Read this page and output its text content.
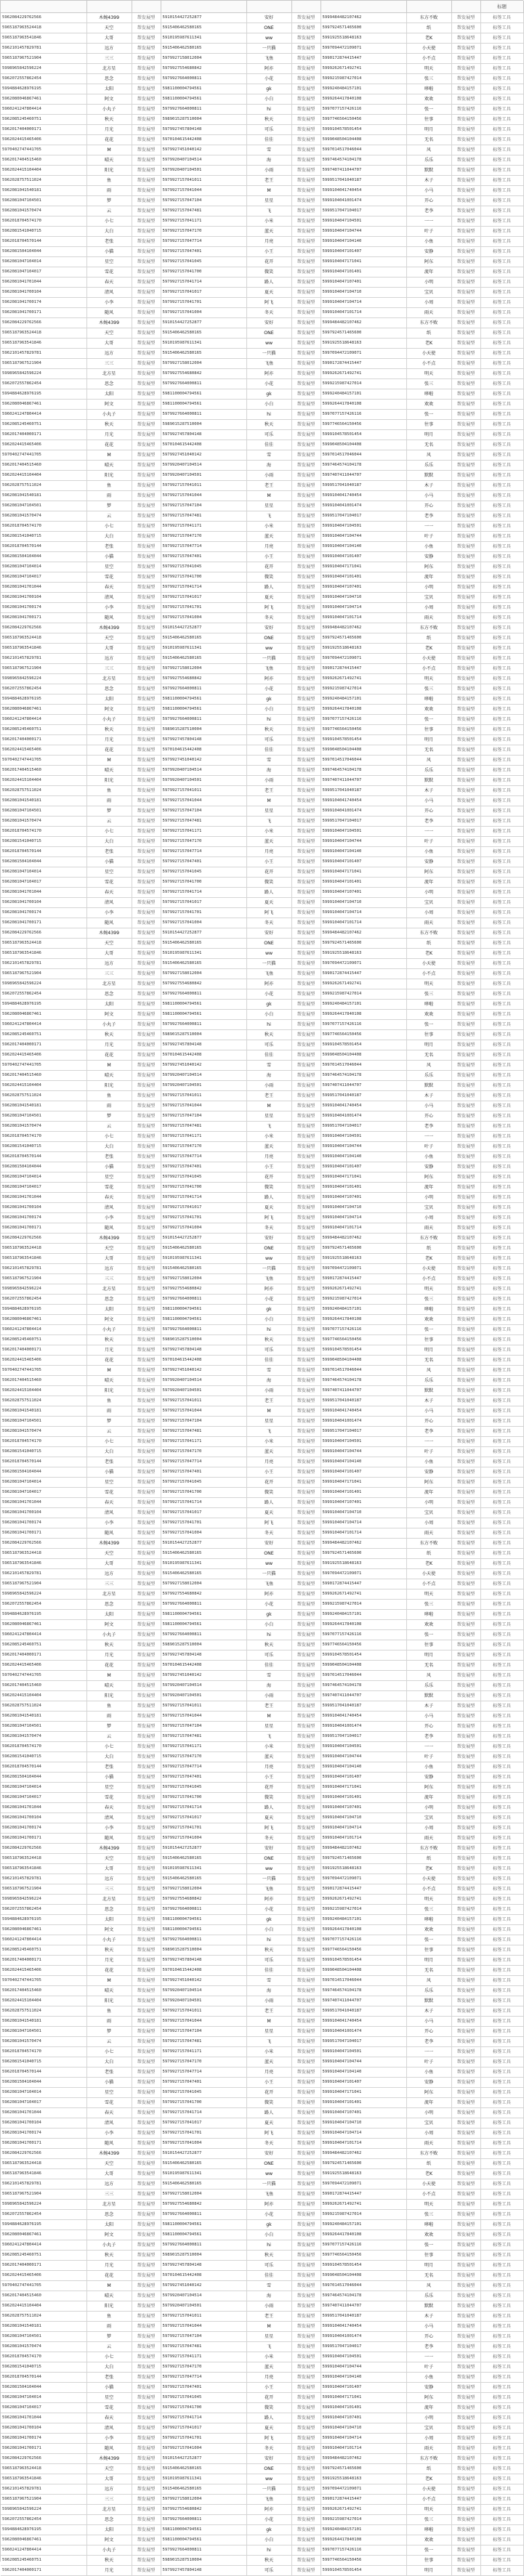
									标题
5962084229762566	木婉4399	帮发展型	5910154427252877	安好	帮发展型	5999484482107462	东方不败	帮发展型	标签工具
5965187963524418	天空	帮发展型	5915406462580165	ONE	帮发展型	5997924571465600	纸	帮发展型	标签工具
5965187963541846	大哥	帮发展型	5910195987611341	ww	帮发展型	5991925518648163	老K	帮发展型	标签工具
5962101457829781	远方	帮发展型	5915406462580165	一只猫	帮发展型	5997094472109071	小天使	帮发展型	标签工具
5965187967521904	三三	帮发展型	5979927158012004	飞鱼	帮发展型	5990172874415447	小不点	帮发展型	标签工具
5998965842596224	北方星	帮发展型	5979927554680842	阿亦	帮发展型	5999262671492741	明天	帮发展型	标签工具
5962072557862454	思念	帮发展型	5979927664000811	小花	帮发展型	5999215987427014	张三	帮发展型	标签工具
5994884628976195	太阳	帮发展型	5981100004794561	gk	帮发展型	5999240484157101	哆啦	帮发展型	标签工具
5962080046867461	阿文	帮发展型	5981100004794561	小白	帮发展型	5999264417840108	欢欢	帮发展型	标签工具
5960241247804414	小丸子	帮发展型	5979927664000811	hi	帮发展型	5997077157426116	张一	帮发展型	标签工具
5962085245460751	秋天	帮发展型	5989015287510004	秋天	帮发展型	5997746564150456	往事	帮发展型	标签工具
5962017404000171	月光	帮发展型	5979927457804148	可乐	帮发展型	5999104578501454	明月	帮发展型	标签工具
5962024415465406	花花	帮发展型	5970104615442408	佳佳	帮发展型	5999048504104408	无名	帮发展型	标签工具
5970402747441705	M	帮发展型	5979927451040142	雪	帮发展型	5997014517046044	风	帮发展型	标签工具
5962017404515460	晴天	帮发展型	5979920407104514	海	帮发展型	5997464574104178	乐乐	帮发展型	标签工具
5962024415104404	阳光	帮发展型	5979920407104501	小雨	帮发展型	5997407411044707	默默	帮发展型	标签工具
5962028757511024	鱼	帮发展型	5979927157041011	老王	帮发展型	5999517041040187	木子	帮发展型	标签工具
5962081041540181	雨	帮发展型	5979927157041044	M	帮发展型	5999104041740454	小马	帮发展型	标签工具
5962081047104501	梦	帮发展型	5979927157047104	星星	帮发展型	5999104041001474	开心	帮发展型	标签工具
5962081041570474	云	帮发展型	5979927157047481	飞	帮发展型	5999517047104017	老李	帮发展型	标签工具
5962018704574170	小七	帮发展型	5979927157041171	小米	帮发展型	5999104047104501	一一	帮发展型	标签工具
5962081541040715	大白	帮发展型	5979927157047170	蓝天	帮发展型	5999104047104744	叶子	帮发展型	标签工具
5962018704570144	老张	帮发展型	5979927157047714	月亮	帮发展型	5999104047104140	小鱼	帮发展型	标签工具
5962081504104044	小猫	帮发展型	5979927157047401	小王	帮发展型	5999104047101407	安静	帮发展型	标签工具
5962081047104014	星空	帮发展型	5979927157041045	花开	帮发展型	5999104047171041	阿东	帮发展型	标签工具
5962081047104017	雪花	帮发展型	5979927157041700	微笑	帮发展型	5999104047101401	流年	帮发展型	标签工具
5962081041701044	春天	帮发展型	5979927157041714	路人	帮发展型	5999104047107401	小明	帮发展型	标签工具
5962081041700104	清风	帮发展型	5979927157041017	夏天	帮发展型	5999104047104710	宝贝	帮发展型	标签工具
5962081041700174	小李	帮发展型	5979927157041701	阿飞	帮发展型	5999104047104714	小周	帮发展型	标签工具
5962081041700171	随风	帮发展型	5979927157041004	冬天	帮发展型	5999104047101714	雨天	帮发展型	标签工具
5962084229762566	木婉4399	帮发展型	5910154427252877	安好	帮发展型	5999484482107462	东方不败	帮发展型	标签工具
5965187963524418	天空	帮发展型	5915406462580165	ONE	帮发展型	5997924571465600	纸	帮发展型	标签工具
5965187963541846	大哥	帮发展型	5910195987611341	ww	帮发展型	5991925518648163	老K	帮发展型	标签工具
5962101457829781	远方	帮发展型	5915406462580165	一只猫	帮发展型	5997094472109071	小天使	帮发展型	标签工具
5965187967521904	三三	帮发展型	5979927158012004	飞鱼	帮发展型	5990172874415447	小不点	帮发展型	标签工具
5998965842596224	北方星	帮发展型	5979927554680842	阿亦	帮发展型	5999262671492741	明天	帮发展型	标签工具
5962072557862454	思念	帮发展型	5979927664000811	小花	帮发展型	5999215987427014	张三	帮发展型	标签工具
5994884628976195	太阳	帮发展型	5981100004794561	gk	帮发展型	5999240484157101	哆啦	帮发展型	标签工具
5962080046867461	阿文	帮发展型	5981100004794561	小白	帮发展型	5999264417840108	欢欢	帮发展型	标签工具
5960241247804414	小丸子	帮发展型	5979927664000811	hi	帮发展型	5997077157426116	张一	帮发展型	标签工具
5962085245460751	秋天	帮发展型	5989015287510004	秋天	帮发展型	5997746564150456	往事	帮发展型	标签工具
5962017404000171	月光	帮发展型	5979927457804148	可乐	帮发展型	5999104578501454	明月	帮发展型	标签工具
5962024415465406	花花	帮发展型	5970104615442408	佳佳	帮发展型	5999048504104408	无名	帮发展型	标签工具
5970402747441705	M	帮发展型	5979927451040142	雪	帮发展型	5997014517046044	风	帮发展型	标签工具
5962017404515460	晴天	帮发展型	5979920407104514	海	帮发展型	5997464574104178	乐乐	帮发展型	标签工具
5962024415104404	阳光	帮发展型	5979920407104501	小雨	帮发展型	5997407411044707	默默	帮发展型	标签工具
5962028757511024	鱼	帮发展型	5979927157041011	老王	帮发展型	5999517041040187	木子	帮发展型	标签工具
5962081041540181	雨	帮发展型	5979927157041044	M	帮发展型	5999104041740454	小马	帮发展型	标签工具
5962081047104501	梦	帮发展型	5979927157047104	星星	帮发展型	5999104041001474	开心	帮发展型	标签工具
5962081041570474	云	帮发展型	5979927157047481	飞	帮发展型	5999517047104017	老李	帮发展型	标签工具
5962018704574170	小七	帮发展型	5979927157041171	小米	帮发展型	5999104047104501	一一	帮发展型	标签工具
5962081541040715	大白	帮发展型	5979927157047170	蓝天	帮发展型	5999104047104744	叶子	帮发展型	标签工具
5962018704570144	老张	帮发展型	5979927157047714	月亮	帮发展型	5999104047104140	小鱼	帮发展型	标签工具
5962081504104044	小猫	帮发展型	5979927157047401	小王	帮发展型	5999104047101407	安静	帮发展型	标签工具
5962081047104014	星空	帮发展型	5979927157041045	花开	帮发展型	5999104047171041	阿东	帮发展型	标签工具
5962081047104017	雪花	帮发展型	5979927157041700	微笑	帮发展型	5999104047101401	流年	帮发展型	标签工具
5962081041701044	春天	帮发展型	5979927157041714	路人	帮发展型	5999104047107401	小明	帮发展型	标签工具
5962081041700104	清风	帮发展型	5979927157041017	夏天	帮发展型	5999104047104710	宝贝	帮发展型	标签工具
5962081041700174	小李	帮发展型	5979927157041701	阿飞	帮发展型	5999104047104714	小周	帮发展型	标签工具
5962081041700171	随风	帮发展型	5979927157041004	冬天	帮发展型	5999104047101714	雨天	帮发展型	标签工具
5962084229762566	木婉4399	帮发展型	5910154427252877	安好	帮发展型	5999484482107462	东方不败	帮发展型	标签工具
5965187963524418	天空	帮发展型	5915406462580165	ONE	帮发展型	5997924571465600	纸	帮发展型	标签工具
5965187963541846	大哥	帮发展型	5910195987611341	ww	帮发展型	5991925518648163	老K	帮发展型	标签工具
5962101457829781	远方	帮发展型	5915406462580165	一只猫	帮发展型	5997094472109071	小天使	帮发展型	标签工具
5965187967521904	三三	帮发展型	5979927158012004	飞鱼	帮发展型	5990172874415447	小不点	帮发展型	标签工具
5998965842596224	北方星	帮发展型	5979927554680842	阿亦	帮发展型	5999262671492741	明天	帮发展型	标签工具
5962072557862454	思念	帮发展型	5979927664000811	小花	帮发展型	5999215987427014	张三	帮发展型	标签工具
5994884628976195	太阳	帮发展型	5981100004794561	gk	帮发展型	5999240484157101	哆啦	帮发展型	标签工具
5962080046867461	阿文	帮发展型	5981100004794561	小白	帮发展型	5999264417840108	欢欢	帮发展型	标签工具
5960241247804414	小丸子	帮发展型	5979927664000811	hi	帮发展型	5997077157426116	张一	帮发展型	标签工具
5962085245460751	秋天	帮发展型	5989015287510004	秋天	帮发展型	5997746564150456	往事	帮发展型	标签工具
5962017404000171	月光	帮发展型	5979927457804148	可乐	帮发展型	5999104578501454	明月	帮发展型	标签工具
5962024415465406	花花	帮发展型	5970104615442408	佳佳	帮发展型	5999048504104408	无名	帮发展型	标签工具
5970402747441705	M	帮发展型	5979927451040142	雪	帮发展型	5997014517046044	风	帮发展型	标签工具
5962017404515460	晴天	帮发展型	5979920407104514	海	帮发展型	5997464574104178	乐乐	帮发展型	标签工具
5962024415104404	阳光	帮发展型	5979920407104501	小雨	帮发展型	5997407411044707	默默	帮发展型	标签工具
5962028757511024	鱼	帮发展型	5979927157041011	老王	帮发展型	5999517041040187	木子	帮发展型	标签工具
5962081041540181	雨	帮发展型	5979927157041044	M	帮发展型	5999104041740454	小马	帮发展型	标签工具
5962081047104501	梦	帮发展型	5979927157047104	星星	帮发展型	5999104041001474	开心	帮发展型	标签工具
5962081041570474	云	帮发展型	5979927157047481	飞	帮发展型	5999517047104017	老李	帮发展型	标签工具
5962018704574170	小七	帮发展型	5979927157041171	小米	帮发展型	5999104047104501	一一	帮发展型	标签工具
5962081541040715	大白	帮发展型	5979927157047170	蓝天	帮发展型	5999104047104744	叶子	帮发展型	标签工具
5962018704570144	老张	帮发展型	5979927157047714	月亮	帮发展型	5999104047104140	小鱼	帮发展型	标签工具
5962081504104044	小猫	帮发展型	5979927157047401	小王	帮发展型	5999104047101407	安静	帮发展型	标签工具
5962081047104014	星空	帮发展型	5979927157041045	花开	帮发展型	5999104047171041	阿东	帮发展型	标签工具
5962081047104017	雪花	帮发展型	5979927157041700	微笑	帮发展型	5999104047101401	流年	帮发展型	标签工具
5962081041701044	春天	帮发展型	5979927157041714	路人	帮发展型	5999104047107401	小明	帮发展型	标签工具
5962081041700104	清风	帮发展型	5979927157041017	夏天	帮发展型	5999104047104710	宝贝	帮发展型	标签工具
5962081041700174	小李	帮发展型	5979927157041701	阿飞	帮发展型	5999104047104714	小周	帮发展型	标签工具
5962081041700171	随风	帮发展型	5979927157041004	冬天	帮发展型	5999104047101714	雨天	帮发展型	标签工具
5962084229762566	木婉4399	帮发展型	5910154427252877	安好	帮发展型	5999484482107462	东方不败	帮发展型	标签工具
5965187963524418	天空	帮发展型	5915406462580165	ONE	帮发展型	5997924571465600	纸	帮发展型	标签工具
5965187963541846	大哥	帮发展型	5910195987611341	ww	帮发展型	5991925518648163	老K	帮发展型	标签工具
5962101457829781	远方	帮发展型	5915406462580165	一只猫	帮发展型	5997094472109071	小天使	帮发展型	标签工具
5965187967521904	三三	帮发展型	5979927158012004	飞鱼	帮发展型	5990172874415447	小不点	帮发展型	标签工具
5998965842596224	北方星	帮发展型	5979927554680842	阿亦	帮发展型	5999262671492741	明天	帮发展型	标签工具
5962072557862454	思念	帮发展型	5979927664000811	小花	帮发展型	5999215987427014	张三	帮发展型	标签工具
5994884628976195	太阳	帮发展型	5981100004794561	gk	帮发展型	5999240484157101	哆啦	帮发展型	标签工具
5962080046867461	阿文	帮发展型	5981100004794561	小白	帮发展型	5999264417840108	欢欢	帮发展型	标签工具
5960241247804414	小丸子	帮发展型	5979927664000811	hi	帮发展型	5997077157426116	张一	帮发展型	标签工具
5962085245460751	秋天	帮发展型	5989015287510004	秋天	帮发展型	5997746564150456	往事	帮发展型	标签工具
5962017404000171	月光	帮发展型	5979927457804148	可乐	帮发展型	5999104578501454	明月	帮发展型	标签工具
5962024415465406	花花	帮发展型	5970104615442408	佳佳	帮发展型	5999048504104408	无名	帮发展型	标签工具
5970402747441705	M	帮发展型	5979927451040142	雪	帮发展型	5997014517046044	风	帮发展型	标签工具
5962017404515460	晴天	帮发展型	5979920407104514	海	帮发展型	5997464574104178	乐乐	帮发展型	标签工具
5962024415104404	阳光	帮发展型	5979920407104501	小雨	帮发展型	5997407411044707	默默	帮发展型	标签工具
5962028757511024	鱼	帮发展型	5979927157041011	老王	帮发展型	5999517041040187	木子	帮发展型	标签工具
5962081041540181	雨	帮发展型	5979927157041044	M	帮发展型	5999104041740454	小马	帮发展型	标签工具
5962081047104501	梦	帮发展型	5979927157047104	星星	帮发展型	5999104041001474	开心	帮发展型	标签工具
5962081041570474	云	帮发展型	5979927157047481	飞	帮发展型	5999517047104017	老李	帮发展型	标签工具
5962018704574170	小七	帮发展型	5979927157041171	小米	帮发展型	5999104047104501	一一	帮发展型	标签工具
5962081541040715	大白	帮发展型	5979927157047170	蓝天	帮发展型	5999104047104744	叶子	帮发展型	标签工具
5962018704570144	老张	帮发展型	5979927157047714	月亮	帮发展型	5999104047104140	小鱼	帮发展型	标签工具
5962081504104044	小猫	帮发展型	5979927157047401	小王	帮发展型	5999104047101407	安静	帮发展型	标签工具
5962081047104014	星空	帮发展型	5979927157041045	花开	帮发展型	5999104047171041	阿东	帮发展型	标签工具
5962081047104017	雪花	帮发展型	5979927157041700	微笑	帮发展型	5999104047101401	流年	帮发展型	标签工具
5962081041701044	春天	帮发展型	5979927157041714	路人	帮发展型	5999104047107401	小明	帮发展型	标签工具
5962081041700104	清风	帮发展型	5979927157041017	夏天	帮发展型	5999104047104710	宝贝	帮发展型	标签工具
5962081041700174	小李	帮发展型	5979927157041701	阿飞	帮发展型	5999104047104714	小周	帮发展型	标签工具
5962081041700171	随风	帮发展型	5979927157041004	冬天	帮发展型	5999104047101714	雨天	帮发展型	标签工具
5962084229762566	木婉4399	帮发展型	5910154427252877	安好	帮发展型	5999484482107462	东方不败	帮发展型	标签工具
5965187963524418	天空	帮发展型	5915406462580165	ONE	帮发展型	5997924571465600	纸	帮发展型	标签工具
5965187963541846	大哥	帮发展型	5910195987611341	ww	帮发展型	5991925518648163	老K	帮发展型	标签工具
5962101457829781	远方	帮发展型	5915406462580165	一只猫	帮发展型	5997094472109071	小天使	帮发展型	标签工具
5965187967521904	三三	帮发展型	5979927158012004	飞鱼	帮发展型	5990172874415447	小不点	帮发展型	标签工具
5998965842596224	北方星	帮发展型	5979927554680842	阿亦	帮发展型	5999262671492741	明天	帮发展型	标签工具
5962072557862454	思念	帮发展型	5979927664000811	小花	帮发展型	5999215987427014	张三	帮发展型	标签工具
5994884628976195	太阳	帮发展型	5981100004794561	gk	帮发展型	5999240484157101	哆啦	帮发展型	标签工具
5962080046867461	阿文	帮发展型	5981100004794561	小白	帮发展型	5999264417840108	欢欢	帮发展型	标签工具
5960241247804414	小丸子	帮发展型	5979927664000811	hi	帮发展型	5997077157426116	张一	帮发展型	标签工具
5962085245460751	秋天	帮发展型	5989015287510004	秋天	帮发展型	5997746564150456	往事	帮发展型	标签工具
5962017404000171	月光	帮发展型	5979927457804148	可乐	帮发展型	5999104578501454	明月	帮发展型	标签工具
5962024415465406	花花	帮发展型	5970104615442408	佳佳	帮发展型	5999048504104408	无名	帮发展型	标签工具
5970402747441705	M	帮发展型	5979927451040142	雪	帮发展型	5997014517046044	风	帮发展型	标签工具
5962017404515460	晴天	帮发展型	5979920407104514	海	帮发展型	5997464574104178	乐乐	帮发展型	标签工具
5962024415104404	阳光	帮发展型	5979920407104501	小雨	帮发展型	5997407411044707	默默	帮发展型	标签工具
5962028757511024	鱼	帮发展型	5979927157041011	老王	帮发展型	5999517041040187	木子	帮发展型	标签工具
5962081041540181	雨	帮发展型	5979927157041044	M	帮发展型	5999104041740454	小马	帮发展型	标签工具
5962081047104501	梦	帮发展型	5979927157047104	星星	帮发展型	5999104041001474	开心	帮发展型	标签工具
5962081041570474	云	帮发展型	5979927157047481	飞	帮发展型	5999517047104017	老李	帮发展型	标签工具
5962018704574170	小七	帮发展型	5979927157041171	小米	帮发展型	5999104047104501	一一	帮发展型	标签工具
5962081541040715	大白	帮发展型	5979927157047170	蓝天	帮发展型	5999104047104744	叶子	帮发展型	标签工具
5962018704570144	老张	帮发展型	5979927157047714	月亮	帮发展型	5999104047104140	小鱼	帮发展型	标签工具
5962081504104044	小猫	帮发展型	5979927157047401	小王	帮发展型	5999104047101407	安静	帮发展型	标签工具
5962081047104014	星空	帮发展型	5979927157041045	花开	帮发展型	5999104047171041	阿东	帮发展型	标签工具
5962081047104017	雪花	帮发展型	5979927157041700	微笑	帮发展型	5999104047101401	流年	帮发展型	标签工具
5962081041701044	春天	帮发展型	5979927157041714	路人	帮发展型	5999104047107401	小明	帮发展型	标签工具
5962081041700104	清风	帮发展型	5979927157041017	夏天	帮发展型	5999104047104710	宝贝	帮发展型	标签工具
5962081041700174	小李	帮发展型	5979927157041701	阿飞	帮发展型	5999104047104714	小周	帮发展型	标签工具
5962081041700171	随风	帮发展型	5979927157041004	冬天	帮发展型	5999104047101714	雨天	帮发展型	标签工具
5962084229762566	木婉4399	帮发展型	5910154427252877	安好	帮发展型	5999484482107462	东方不败	帮发展型	标签工具
5965187963524418	天空	帮发展型	5915406462580165	ONE	帮发展型	5997924571465600	纸	帮发展型	标签工具
5965187963541846	大哥	帮发展型	5910195987611341	ww	帮发展型	5991925518648163	老K	帮发展型	标签工具
5962101457829781	远方	帮发展型	5915406462580165	一只猫	帮发展型	5997094472109071	小天使	帮发展型	标签工具
5965187967521904	三三	帮发展型	5979927158012004	飞鱼	帮发展型	5990172874415447	小不点	帮发展型	标签工具
5998965842596224	北方星	帮发展型	5979927554680842	阿亦	帮发展型	5999262671492741	明天	帮发展型	标签工具
5962072557862454	思念	帮发展型	5979927664000811	小花	帮发展型	5999215987427014	张三	帮发展型	标签工具
5994884628976195	太阳	帮发展型	5981100004794561	gk	帮发展型	5999240484157101	哆啦	帮发展型	标签工具
5962080046867461	阿文	帮发展型	5981100004794561	小白	帮发展型	5999264417840108	欢欢	帮发展型	标签工具
5960241247804414	小丸子	帮发展型	5979927664000811	hi	帮发展型	5997077157426116	张一	帮发展型	标签工具
5962085245460751	秋天	帮发展型	5989015287510004	秋天	帮发展型	5997746564150456	往事	帮发展型	标签工具
5962017404000171	月光	帮发展型	5979927457804148	可乐	帮发展型	5999104578501454	明月	帮发展型	标签工具
5962024415465406	花花	帮发展型	5970104615442408	佳佳	帮发展型	5999048504104408	无名	帮发展型	标签工具
5970402747441705	M	帮发展型	5979927451040142	雪	帮发展型	5997014517046044	风	帮发展型	标签工具
5962017404515460	晴天	帮发展型	5979920407104514	海	帮发展型	5997464574104178	乐乐	帮发展型	标签工具
5962024415104404	阳光	帮发展型	5979920407104501	小雨	帮发展型	5997407411044707	默默	帮发展型	标签工具
5962028757511024	鱼	帮发展型	5979927157041011	老王	帮发展型	5999517041040187	木子	帮发展型	标签工具
5962081041540181	雨	帮发展型	5979927157041044	M	帮发展型	5999104041740454	小马	帮发展型	标签工具
5962081047104501	梦	帮发展型	5979927157047104	星星	帮发展型	5999104041001474	开心	帮发展型	标签工具
5962081041570474	云	帮发展型	5979927157047481	飞	帮发展型	5999517047104017	老李	帮发展型	标签工具
5962018704574170	小七	帮发展型	5979927157041171	小米	帮发展型	5999104047104501	一一	帮发展型	标签工具
5962081541040715	大白	帮发展型	5979927157047170	蓝天	帮发展型	5999104047104744	叶子	帮发展型	标签工具
5962018704570144	老张	帮发展型	5979927157047714	月亮	帮发展型	5999104047104140	小鱼	帮发展型	标签工具
5962081504104044	小猫	帮发展型	5979927157047401	小王	帮发展型	5999104047101407	安静	帮发展型	标签工具
5962081047104014	星空	帮发展型	5979927157041045	花开	帮发展型	5999104047171041	阿东	帮发展型	标签工具
5962081047104017	雪花	帮发展型	5979927157041700	微笑	帮发展型	5999104047101401	流年	帮发展型	标签工具
5962081041701044	春天	帮发展型	5979927157041714	路人	帮发展型	5999104047107401	小明	帮发展型	标签工具
5962081041700104	清风	帮发展型	5979927157041017	夏天	帮发展型	5999104047104710	宝贝	帮发展型	标签工具
5962081041700174	小李	帮发展型	5979927157041701	阿飞	帮发展型	5999104047104714	小周	帮发展型	标签工具
5962081041700171	随风	帮发展型	5979927157041004	冬天	帮发展型	5999104047101714	雨天	帮发展型	标签工具
5962084229762566	木婉4399	帮发展型	5910154427252877	安好	帮发展型	5999484482107462	东方不败	帮发展型	标签工具
5965187963524418	天空	帮发展型	5915406462580165	ONE	帮发展型	5997924571465600	纸	帮发展型	标签工具
5965187963541846	大哥	帮发展型	5910195987611341	ww	帮发展型	5991925518648163	老K	帮发展型	标签工具
5962101457829781	远方	帮发展型	5915406462580165	一只猫	帮发展型	5997094472109071	小天使	帮发展型	标签工具
5965187967521904	三三	帮发展型	5979927158012004	飞鱼	帮发展型	5990172874415447	小不点	帮发展型	标签工具
5998965842596224	北方星	帮发展型	5979927554680842	阿亦	帮发展型	5999262671492741	明天	帮发展型	标签工具
5962072557862454	思念	帮发展型	5979927664000811	小花	帮发展型	5999215987427014	张三	帮发展型	标签工具
5994884628976195	太阳	帮发展型	5981100004794561	gk	帮发展型	5999240484157101	哆啦	帮发展型	标签工具
5962080046867461	阿文	帮发展型	5981100004794561	小白	帮发展型	5999264417840108	欢欢	帮发展型	标签工具
5960241247804414	小丸子	帮发展型	5979927664000811	hi	帮发展型	5997077157426116	张一	帮发展型	标签工具
5962085245460751	秋天	帮发展型	5989015287510004	秋天	帮发展型	5997746564150456	往事	帮发展型	标签工具
5962017404000171	月光	帮发展型	5979927457804148	可乐	帮发展型	5999104578501454	明月	帮发展型	标签工具
5962024415465406	花花	帮发展型	5970104615442408	佳佳	帮发展型	5999048504104408	无名	帮发展型	标签工具
5970402747441705	M	帮发展型	5979927451040142	雪	帮发展型	5997014517046044	风	帮发展型	标签工具
5962017404515460	晴天	帮发展型	5979920407104514	海	帮发展型	5997464574104178	乐乐	帮发展型	标签工具
5962024415104404	阳光	帮发展型	5979920407104501	小雨	帮发展型	5997407411044707	默默	帮发展型	标签工具
5962028757511024	鱼	帮发展型	5979927157041011	老王	帮发展型	5999517041040187	木子	帮发展型	标签工具
5962081041540181	雨	帮发展型	5979927157041044	M	帮发展型	5999104041740454	小马	帮发展型	标签工具
5962081047104501	梦	帮发展型	5979927157047104	星星	帮发展型	5999104041001474	开心	帮发展型	标签工具
5962081041570474	云	帮发展型	5979927157047481	飞	帮发展型	5999517047104017	老李	帮发展型	标签工具
5962018704574170	小七	帮发展型	5979927157041171	小米	帮发展型	5999104047104501	一一	帮发展型	标签工具
5962081541040715	大白	帮发展型	5979927157047170	蓝天	帮发展型	5999104047104744	叶子	帮发展型	标签工具
5962018704570144	老张	帮发展型	5979927157047714	月亮	帮发展型	5999104047104140	小鱼	帮发展型	标签工具
5962081504104044	小猫	帮发展型	5979927157047401	小王	帮发展型	5999104047101407	安静	帮发展型	标签工具
5962081047104014	星空	帮发展型	5979927157041045	花开	帮发展型	5999104047171041	阿东	帮发展型	标签工具
5962081047104017	雪花	帮发展型	5979927157041700	微笑	帮发展型	5999104047101401	流年	帮发展型	标签工具
5962081041701044	春天	帮发展型	5979927157041714	路人	帮发展型	5999104047107401	小明	帮发展型	标签工具
5962081041700104	清风	帮发展型	5979927157041017	夏天	帮发展型	5999104047104710	宝贝	帮发展型	标签工具
5962081041700174	小李	帮发展型	5979927157041701	阿飞	帮发展型	5999104047104714	小周	帮发展型	标签工具
5962081041700171	随风	帮发展型	5979927157041004	冬天	帮发展型	5999104047101714	雨天	帮发展型	标签工具
5962084229762566	木婉4399	帮发展型	5910154427252877	安好	帮发展型	5999484482107462	东方不败	帮发展型	标签工具
5965187963524418	天空	帮发展型	5915406462580165	ONE	帮发展型	5997924571465600	纸	帮发展型	标签工具
5965187963541846	大哥	帮发展型	5910195987611341	ww	帮发展型	5991925518648163	老K	帮发展型	标签工具
5962101457829781	远方	帮发展型	5915406462580165	一只猫	帮发展型	5997094472109071	小天使	帮发展型	标签工具
5965187967521904	三三	帮发展型	5979927158012004	飞鱼	帮发展型	5990172874415447	小不点	帮发展型	标签工具
5998965842596224	北方星	帮发展型	5979927554680842	阿亦	帮发展型	5999262671492741	明天	帮发展型	标签工具
5962072557862454	思念	帮发展型	5979927664000811	小花	帮发展型	5999215987427014	张三	帮发展型	标签工具
5994884628976195	太阳	帮发展型	5981100004794561	gk	帮发展型	5999240484157101	哆啦	帮发展型	标签工具
5962080046867461	阿文	帮发展型	5981100004794561	小白	帮发展型	5999264417840108	欢欢	帮发展型	标签工具
5960241247804414	小丸子	帮发展型	5979927664000811	hi	帮发展型	5997077157426116	张一	帮发展型	标签工具
5962085245460751	秋天	帮发展型	5989015287510004	秋天	帮发展型	5997746564150456	往事	帮发展型	标签工具
5962017404000171	月光	帮发展型	5979927457804148	可乐	帮发展型	5999104578501454	明月	帮发展型	标签工具
5962024415465406	花花	帮发展型	5970104615442408	佳佳	帮发展型	5999048504104408	无名	帮发展型	标签工具
5970402747441705	M	帮发展型	5979927451040142	雪	帮发展型	5997014517046044	风	帮发展型	标签工具
5962017404515460	晴天	帮发展型	5979920407104514	海	帮发展型	5997464574104178	乐乐	帮发展型	标签工具
5962024415104404	阳光	帮发展型	5979920407104501	小雨	帮发展型	5997407411044707	默默	帮发展型	标签工具
5962028757511024	鱼	帮发展型	5979927157041011	老王	帮发展型	5999517041040187	木子	帮发展型	标签工具
5962081041540181	雨	帮发展型	5979927157041044	M	帮发展型	5999104041740454	小马	帮发展型	标签工具
5962081047104501	梦	帮发展型	5979927157047104	星星	帮发展型	5999104041001474	开心	帮发展型	标签工具
5962081041570474	云	帮发展型	5979927157047481	飞	帮发展型	5999517047104017	老李	帮发展型	标签工具
5962018704574170	小七	帮发展型	5979927157041171	小米	帮发展型	5999104047104501	一一	帮发展型	标签工具
5962081541040715	大白	帮发展型	5979927157047170	蓝天	帮发展型	5999104047104744	叶子	帮发展型	标签工具
5962018704570144	老张	帮发展型	5979927157047714	月亮	帮发展型	5999104047104140	小鱼	帮发展型	标签工具
5962081504104044	小猫	帮发展型	5979927157047401	小王	帮发展型	5999104047101407	安静	帮发展型	标签工具
5962081047104014	星空	帮发展型	5979927157041045	花开	帮发展型	5999104047171041	阿东	帮发展型	标签工具
5962081047104017	雪花	帮发展型	5979927157041700	微笑	帮发展型	5999104047101401	流年	帮发展型	标签工具
5962081041701044	春天	帮发展型	5979927157041714	路人	帮发展型	5999104047107401	小明	帮发展型	标签工具
5962081041700104	清风	帮发展型	5979927157041017	夏天	帮发展型	5999104047104710	宝贝	帮发展型	标签工具
5962081041700174	小李	帮发展型	5979927157041701	阿飞	帮发展型	5999104047104714	小周	帮发展型	标签工具
5962081041700171	随风	帮发展型	5979927157041004	冬天	帮发展型	5999104047101714	雨天	帮发展型	标签工具
5962084229762566	木婉4399	帮发展型	5910154427252877	安好	帮发展型	5999484482107462	东方不败	帮发展型	标签工具
5965187963524418	天空	帮发展型	5915406462580165	ONE	帮发展型	5997924571465600	纸	帮发展型	标签工具
5965187963541846	大哥	帮发展型	5910195987611341	ww	帮发展型	5991925518648163	老K	帮发展型	标签工具
5962101457829781	远方	帮发展型	5915406462580165	一只猫	帮发展型	5997094472109071	小天使	帮发展型	标签工具
5965187967521904	三三	帮发展型	5979927158012004	飞鱼	帮发展型	5990172874415447	小不点	帮发展型	标签工具
5998965842596224	北方星	帮发展型	5979927554680842	阿亦	帮发展型	5999262671492741	明天	帮发展型	标签工具
5962072557862454	思念	帮发展型	5979927664000811	小花	帮发展型	5999215987427014	张三	帮发展型	标签工具
5994884628976195	太阳	帮发展型	5981100004794561	gk	帮发展型	5999240484157101	哆啦	帮发展型	标签工具
5962080046867461	阿文	帮发展型	5981100004794561	小白	帮发展型	5999264417840108	欢欢	帮发展型	标签工具
5960241247804414	小丸子	帮发展型	5979927664000811	hi	帮发展型	5997077157426116	张一	帮发展型	标签工具
5962085245460751	秋天	帮发展型	5989015287510004	秋天	帮发展型	5997746564150456	往事	帮发展型	标签工具
5962017404000171	月光	帮发展型	5979927457804148	可乐	帮发展型	5999104578501454	明月	帮发展型	标签工具
